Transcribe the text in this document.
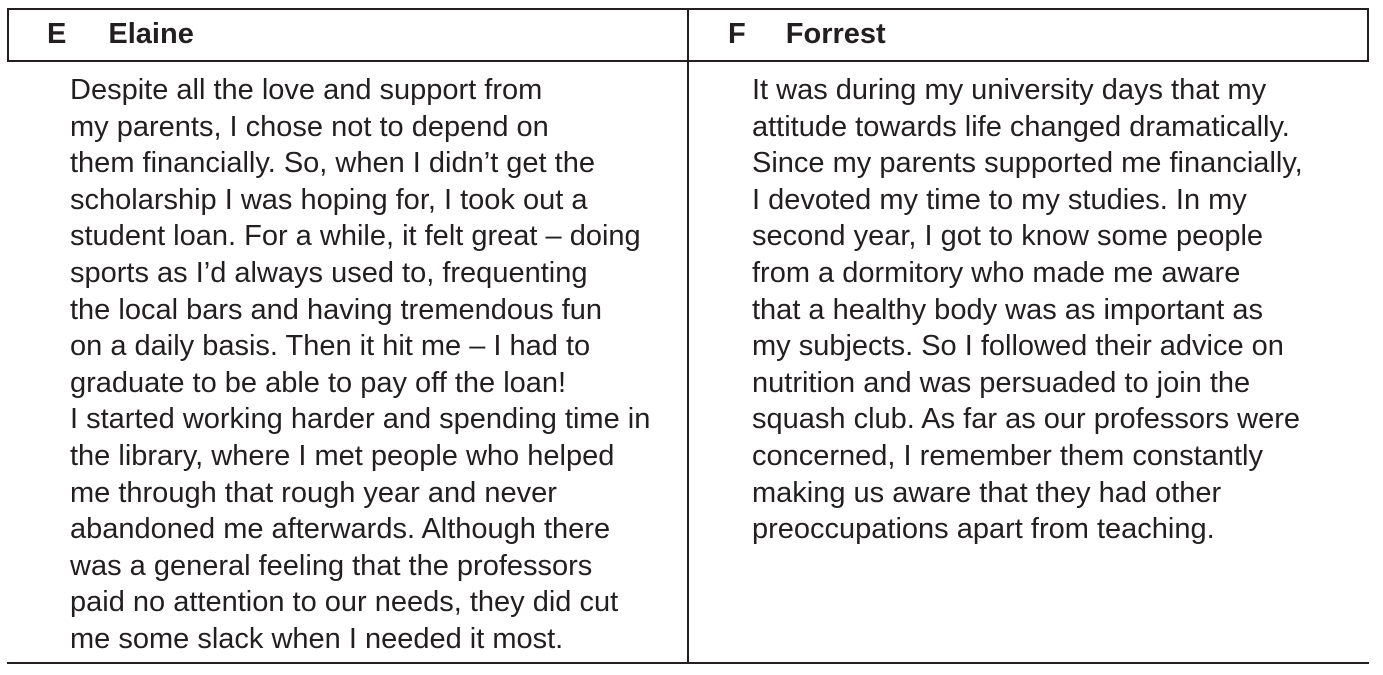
E Elaine	F Forrest
Despite all the love and support from
my parents, I chose not to depend on
them financially. So, when I didn’t get the
scholarship I was hoping for, I took out a
student loan. For a while, it felt great – doing
sports as I’d always used to, frequenting
the local bars and having tremendous fun
on a daily basis. Then it hit me – I had to
graduate to be able to pay off the loan!
I started working harder and spending time in
the library, where I met people who helped
me through that rough year and never
abandoned me afterwards. Although there
was a general feeling that the professors
paid no attention to our needs, they did cut
me some slack when I needed it most.
It was during my university days that my
attitude towards life changed dramatically.
Since my parents supported me financially,
I devoted my time to my studies. In my
second year, I got to know some people
from a dormitory who made me aware
that a healthy body was as important as
my subjects. So I followed their advice on
nutrition and was persuaded to join the
squash club. As far as our professors were
concerned, I remember them constantly
making us aware that they had other
preoccupations apart from teaching.
